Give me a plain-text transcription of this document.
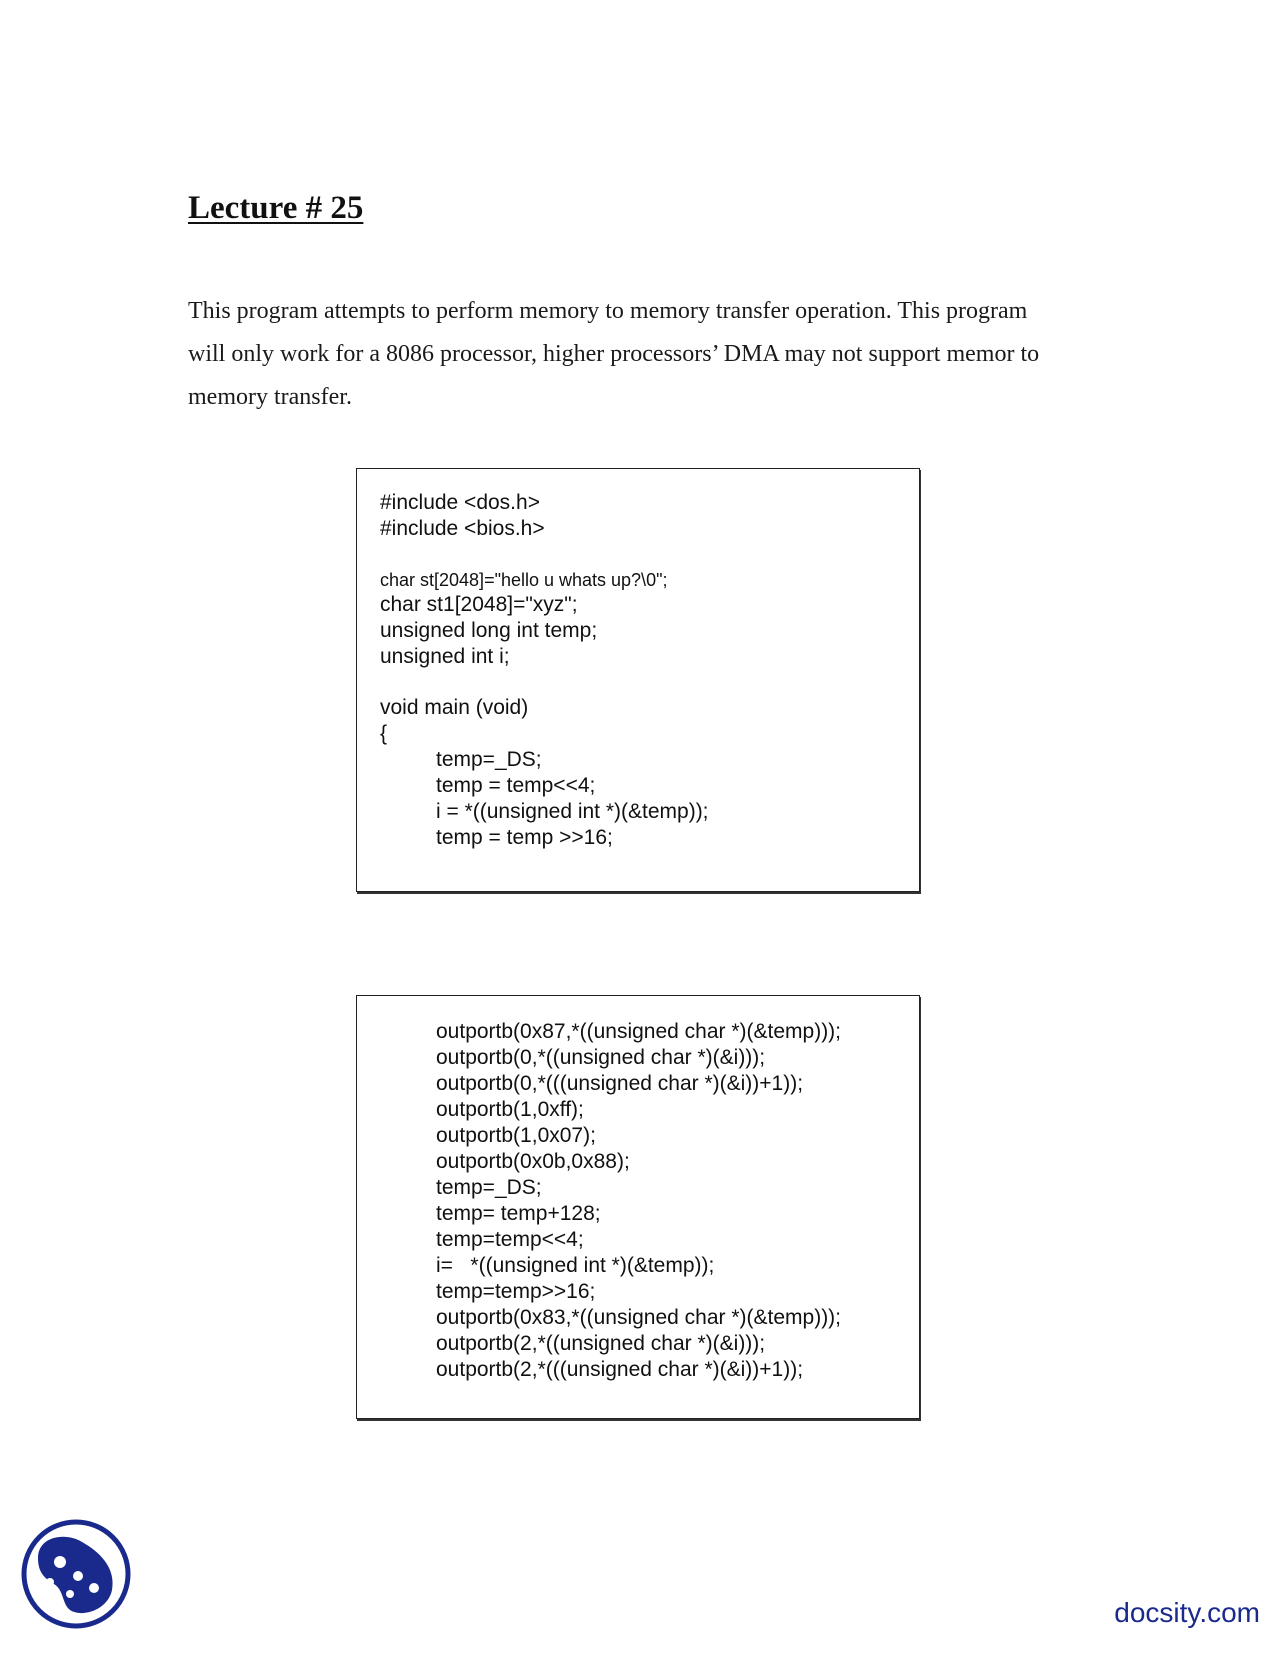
Lecture # 25
This program attempts to perform memory to memory transfer operation. This program
will only work for a 8086 processor, higher processors’ DMA may not support memor to
memory transfer.
#include <dos.h>
#include <bios.h>
char st[2048]="hello u whats up?\0";
char st1[2048]="xyz";
unsigned long int temp;
unsigned int i;
void main (void)
{
temp=_DS;
temp = temp<<4;
i = *((unsigned int *)(&temp));
temp = temp >>16;
outportb(0x87,*((unsigned char *)(&temp)));
outportb(0,*((unsigned char *)(&i)));
outportb(0,*(((unsigned char *)(&i))+1));
outportb(1,0xff);
outportb(1,0x07);
outportb(0x0b,0x88);
temp=_DS;
temp= temp+128;
temp=temp<<4;
i=   *((unsigned int *)(&temp));
temp=temp>>16;
outportb(0x83,*((unsigned char *)(&temp)));
outportb(2,*((unsigned char *)(&i)));
outportb(2,*(((unsigned char *)(&i))+1));

docsity.com
